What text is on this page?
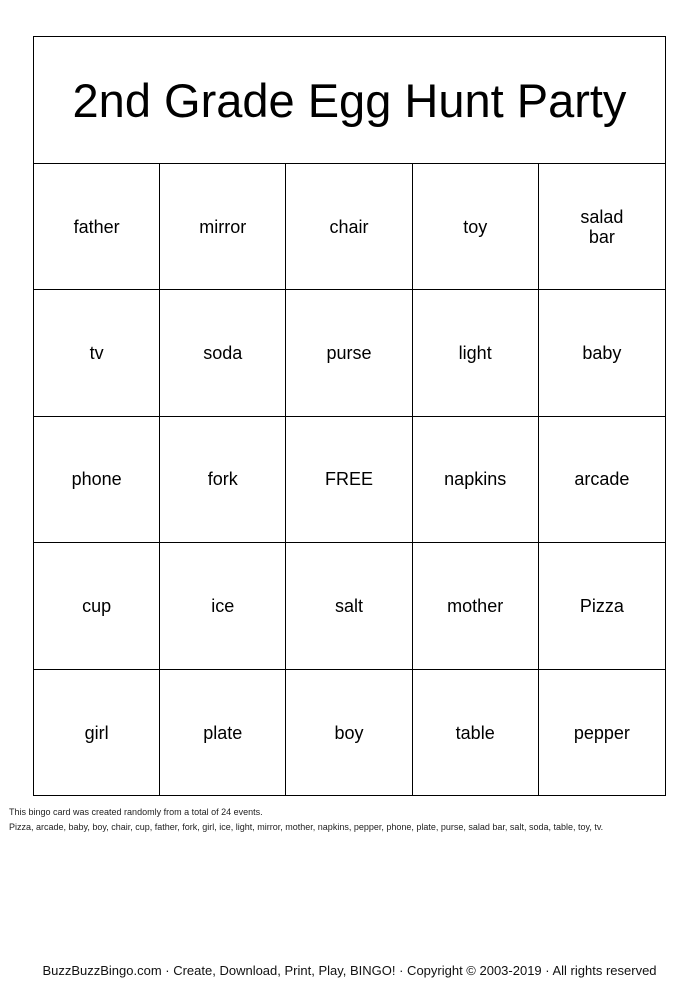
2nd Grade Egg Hunt Party
father	mirror	chair	toy	salad
bar
tv	soda	purse	light	baby
phone	fork	FREE	napkins	arcade
cup	ice	salt	mother	Pizza
girl	plate	boy	table	pepper
This bingo card was created randomly from a total of 24 events.
Pizza, arcade, baby, boy, chair, cup, father, fork, girl, ice, light, mirror, mother, napkins, pepper, phone, plate, purse, salad bar, salt, soda, table, toy, tv.
BuzzBuzzBingo.com · Create, Download, Print, Play, BINGO! · Copyright © 2003-2019 · All rights reserved
